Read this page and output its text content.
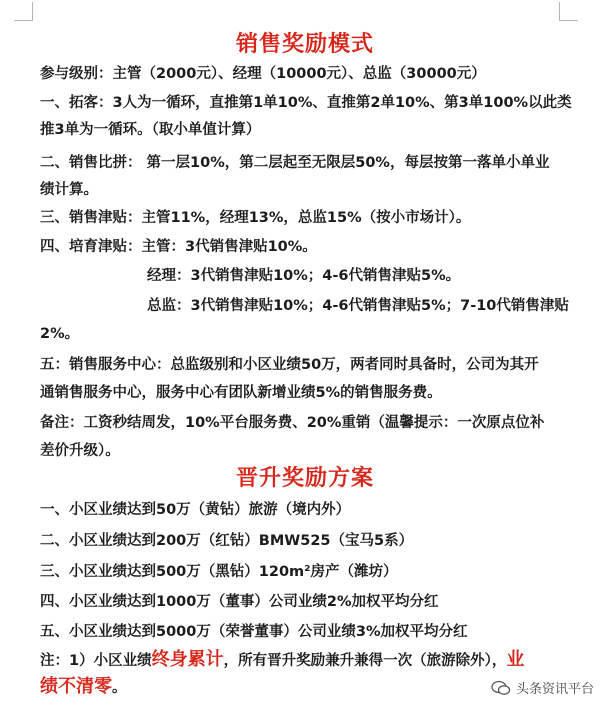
销售奖励模式
参与级别：主管（2000元）、经理（10000元）、总监（30000元）
一、拓客：3人为一循环，直推第1单10%、直推第2单10%、第3单100%以此类
推3单为一循环。（取小单值计算）
二、销售比拼： 第一层10%，第二层起至无限层50%，每层按第一落单小单业
绩计算。
三、销售津贴：主管11%，经理13%，总监15%（按小市场计）。
四、培育津贴：主管：3代销售津贴10%。
经理：3代销售津贴10%；4-6代销售津贴5%。
总监：3代销售津贴10%；4-6代销售津贴5%；7-10代销售津贴
2%。
五：销售服务中心：总监级别和小区业绩50万，两者同时具备时，公司为其开
通销售服务中心，服务中心有团队新增业绩5%的销售服务费。
备注：工资秒结周发，10%平台服务费、20%重销（温馨提示：一次原点位补
差价升级）。
晋升奖励方案
一、小区业绩达到50万（黄钻）旅游（境内外）
二、小区业绩达到200万（红钻）BMW525（宝马5系）
三、小区业绩达到500万（黑钻）120m²房产（潍坊）
四、小区业绩达到1000万（董事）公司业绩2%加权平均分红
五、小区业绩达到5000万（荣誉董事）公司业绩3%加权平均分红
注：1）小区业绩终身累计，所有晋升奖励兼升兼得一次（旅游除外），业
绩不清零。	头条资讯平台
